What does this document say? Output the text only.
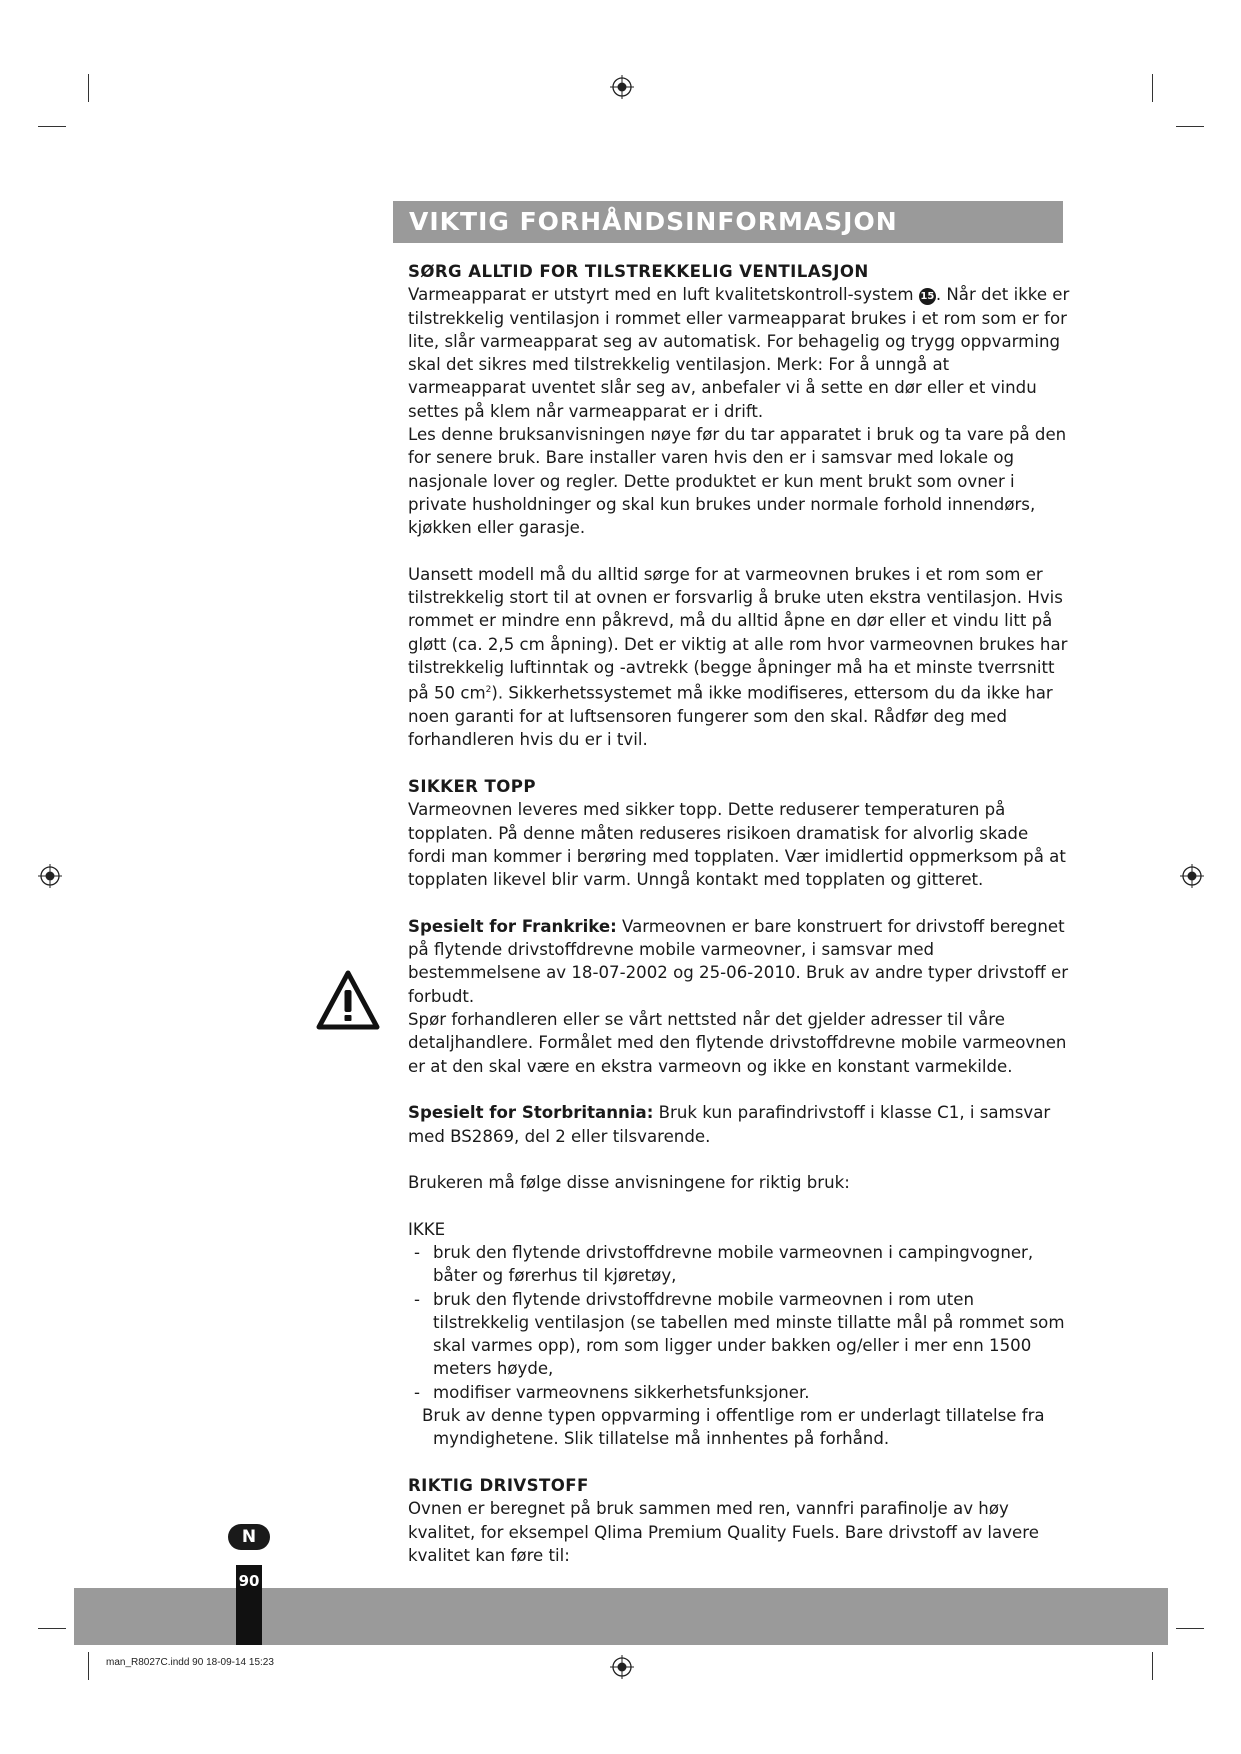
VIKTIG FORHÅNDSINFORMASJON
SØRG ALLTID FOR TILSTREKKELIG VENTILASJON

Varmeapparat er utstyrt med en luft kvalitetskontroll-system 15. Når det ikke er tilstrekkelig ventilasjon i rommet eller varmeapparat brukes i et rom som er for lite, slår varmeapparat seg av automatisk. For behagelig og trygg oppvarming skal det sikres med tilstrekkelig ventilasjon. Merk: For å unngå at varmeapparat uventet slår seg av, anbefaler vi å sette en dør eller et vindu settes på klem når varmeapparat er i drift.

Les denne bruksanvisningen nøye før du tar apparatet i bruk og ta vare på den for senere bruk. Bare installer varen hvis den er i samsvar med lokale og nasjonale lover og regler. Dette produktet er kun ment brukt som ovner i private husholdninger og skal kun brukes under normale forhold innendørs, kjøkken eller garasje.

Uansett modell må du alltid sørge for at varmeovnen brukes i et rom som er tilstrekkelig stort til at ovnen er forsvarlig å bruke uten ekstra ventilasjon. Hvis rommet er mindre enn påkrevd, må du alltid åpne en dør eller et vindu litt på gløtt (ca. 2,5 cm åpning). Det er viktig at alle rom hvor varmeovnen brukes har tilstrekkelig luftinntak og -avtrekk (begge åpninger må ha et minste tverrsnitt på 50 $cm^2$). Sikkerhetssystemet må ikke modifiseres, ettersom du da ikke har noen garanti for at luftsensoren fungerer som den skal. Rådfør deg med forhandleren hvis du er i tvil.

SIKKER TOPP

Varmeovnen leveres med sikker topp. Dette reduserer temperaturen på topplaten. På denne måten reduseres risikoen dramatisk for alvorlig skade fordi man kommer i berøring med topplaten. Vær imidlertid oppmerksom på at topplaten likevel blir varm. Unngå kontakt med topplaten og gitteret.

Spesielt for Frankrike: Varmeovnen er bare konstruert for drivstoff beregnet på flytende drivstoffdrevne mobile varmeovner, i samsvar med bestemmelsene av 18-07-2002 og 25-06-2010. Bruk av andre typer drivstoff er forbudt.

Spør forhandleren eller se vårt nettsted når det gjelder adresser til våre detaljhandlere. Formålet med den flytende drivstoffdrevne mobile varmeovnen er at den skal være en ekstra varmeovn og ikke en konstant varmekilde.

Spesielt for Storbritannia: Bruk kun parafindrivstoff i klasse C1, i samsvar med BS2869, del 2 eller tilsvarende.

Brukeren må følge disse anvisningene for riktig bruk:

IKKE

- bruk den flytende drivstoffdrevne mobile varmeovnen i campingvogner, båter og førerhus til kjøretøy,
- bruk den flytende drivstoffdrevne mobile varmeovnen i rom uten tilstrekkelig ventilasjon (se tabellen med minste tillatte mål på rommet som skal varmes opp), rom som ligger under bakken og/eller i mer enn 1500 meters høyde,
- modifiser varmeovnens sikkerhetsfunksjoner.
Bruk av denne typen oppvarming i offentlige rom er underlagt tillatelse fra
myndighetene. Slik tillatelse må innhentes på forhånd.
RIKTIG DRIVSTOFF

Ovnen er beregnet på bruk sammen med ren, vannfri parafinolje av høy kvalitet, for eksempel Qlima Premium Quality Fuels. Bare drivstoff av lavere kvalitet kan føre til:

N
90
man_R8027C.indd 90 18-09-14 15:23
